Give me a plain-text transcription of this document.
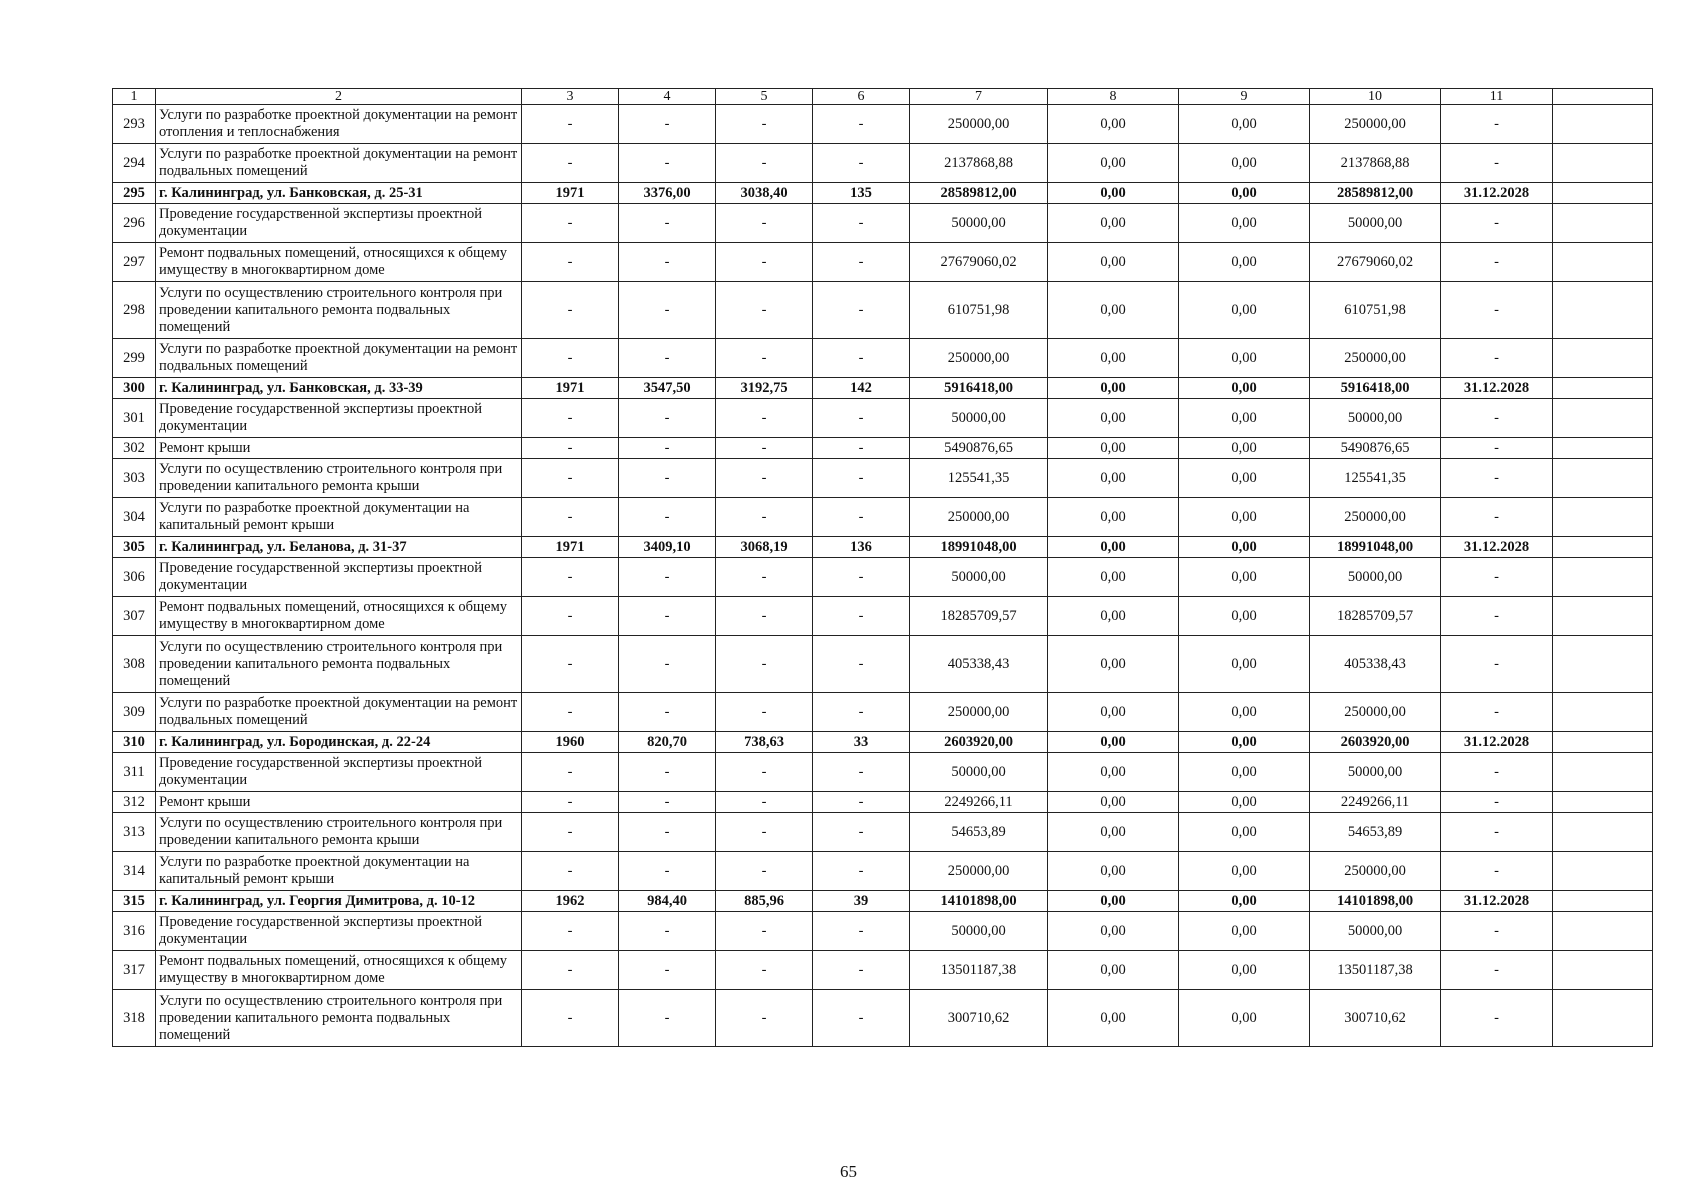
1	2	3	4	5	6	7	8	9	10	11	
293	Услуги по разработке проектной документации на ремонт отопления и теплоснабжения	-	-	-	-	250000,00	0,00	0,00	250000,00	-	
294	Услуги по разработке проектной документации на ремонт подвальных помещений	-	-	-	-	2137868,88	0,00	0,00	2137868,88	-	
295	г. Калининград, ул. Банковская, д. 25-31	1971	3376,00	3038,40	135	28589812,00	0,00	0,00	28589812,00	31.12.2028	
296	Проведение государственной экспертизы проектной документации	-	-	-	-	50000,00	0,00	0,00	50000,00	-	
297	Ремонт подвальных помещений, относящихся к общему имуществу в многоквартирном доме	-	-	-	-	27679060,02	0,00	0,00	27679060,02	-	
298	Услуги по осуществлению строительного контроля при проведении капитального ремонта подвальных помещений	-	-	-	-	610751,98	0,00	0,00	610751,98	-	
299	Услуги по разработке проектной документации на ремонт подвальных помещений	-	-	-	-	250000,00	0,00	0,00	250000,00	-	
300	г. Калининград, ул. Банковская, д. 33-39	1971	3547,50	3192,75	142	5916418,00	0,00	0,00	5916418,00	31.12.2028	
301	Проведение государственной экспертизы проектной документации	-	-	-	-	50000,00	0,00	0,00	50000,00	-	
302	Ремонт крыши	-	-	-	-	5490876,65	0,00	0,00	5490876,65	-	
303	Услуги по осуществлению строительного контроля при проведении капитального ремонта крыши	-	-	-	-	125541,35	0,00	0,00	125541,35	-	
304	Услуги по разработке проектной документации на капитальный ремонт крыши	-	-	-	-	250000,00	0,00	0,00	250000,00	-	
305	г. Калининград, ул. Беланова, д. 31-37	1971	3409,10	3068,19	136	18991048,00	0,00	0,00	18991048,00	31.12.2028	
306	Проведение государственной экспертизы проектной документации	-	-	-	-	50000,00	0,00	0,00	50000,00	-	
307	Ремонт подвальных помещений, относящихся к общему имуществу в многоквартирном доме	-	-	-	-	18285709,57	0,00	0,00	18285709,57	-	
308	Услуги по осуществлению строительного контроля при проведении капитального ремонта подвальных помещений	-	-	-	-	405338,43	0,00	0,00	405338,43	-	
309	Услуги по разработке проектной документации на ремонт подвальных помещений	-	-	-	-	250000,00	0,00	0,00	250000,00	-	
310	г. Калининград, ул. Бородинская, д. 22-24	1960	820,70	738,63	33	2603920,00	0,00	0,00	2603920,00	31.12.2028	
311	Проведение государственной экспертизы проектной документации	-	-	-	-	50000,00	0,00	0,00	50000,00	-	
312	Ремонт крыши	-	-	-	-	2249266,11	0,00	0,00	2249266,11	-	
313	Услуги по осуществлению строительного контроля при проведении капитального ремонта крыши	-	-	-	-	54653,89	0,00	0,00	54653,89	-	
314	Услуги по разработке проектной документации на капитальный ремонт крыши	-	-	-	-	250000,00	0,00	0,00	250000,00	-	
315	г. Калининград, ул. Георгия Димитрова, д. 10-12	1962	984,40	885,96	39	14101898,00	0,00	0,00	14101898,00	31.12.2028	
316	Проведение государственной экспертизы проектной документации	-	-	-	-	50000,00	0,00	0,00	50000,00	-	
317	Ремонт подвальных помещений, относящихся к общему имуществу в многоквартирном доме	-	-	-	-	13501187,38	0,00	0,00	13501187,38	-	
318	Услуги по осуществлению строительного контроля при проведении капитального ремонта подвальных помещений	-	-	-	-	300710,62	0,00	0,00	300710,62	-	
65
